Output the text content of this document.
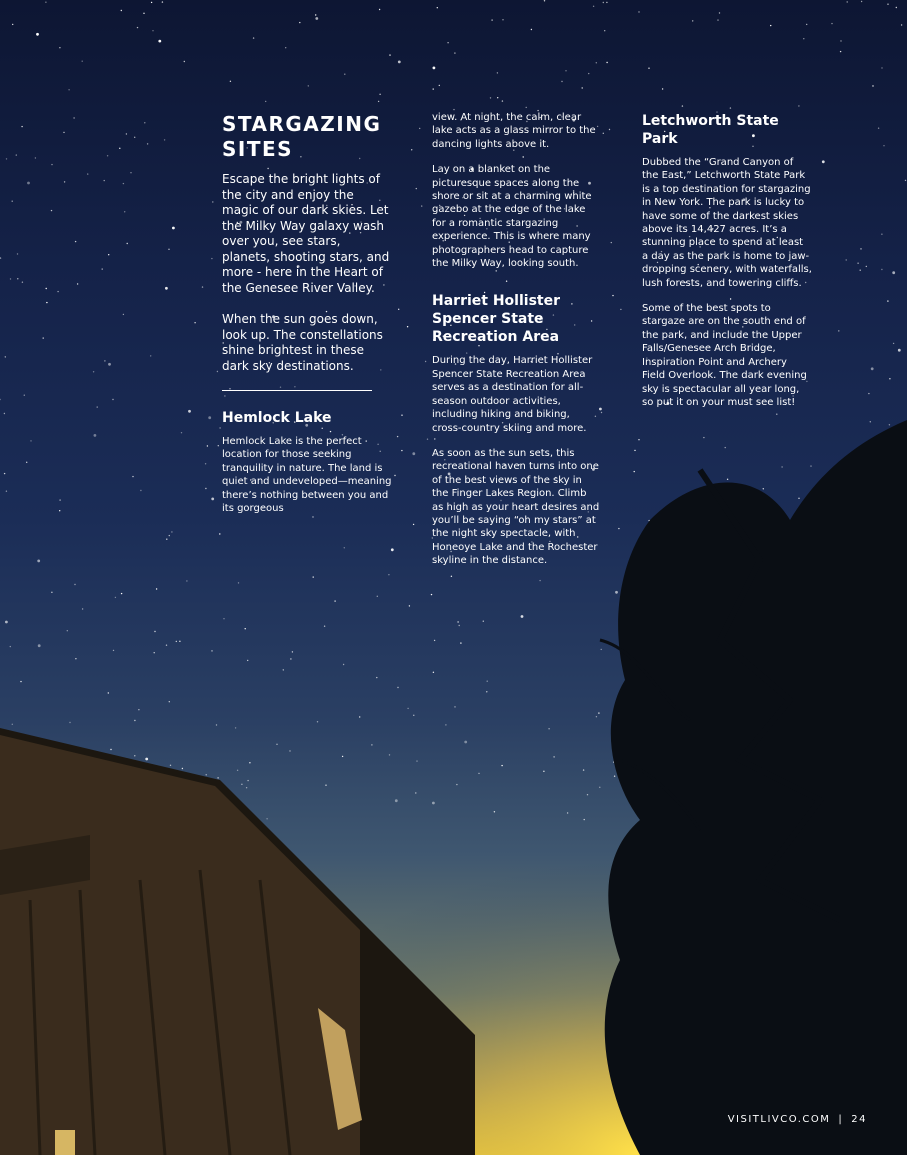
STARGAZING SITES

Escape the bright lights of the city and enjoy the magic of our dark skies. Let the Milky Way galaxy wash over you, see stars, planets, shooting stars, and more - here in the Heart of the Genesee River Valley.

When the sun goes down, look up. The constellations shine brightest in these dark sky destinations.

Hemlock Lake

Hemlock Lake is the perfect location for those seeking tranquility in nature. The land is quiet and undeveloped—meaning there’s nothing between you and its gorgeous

view. At night, the calm, clear lake acts as a glass mirror to the dancing lights above it.

Lay on a blanket on the picturesque spaces along the shore or sit at a charming white gazebo at the edge of the lake for a romantic stargazing experience. This is where many photographers head to capture the Milky Way, looking south.

Harriet Hollister Spencer State Recreation Area

During the day, Harriet Hollister Spencer State Recreation Area serves as a destination for all-season outdoor activities, including hiking and biking, cross-country skiing and more.

As soon as the sun sets, this recreational haven turns into one of the best views of the sky in the Finger Lakes Region. Climb as high as your heart desires and you’ll be saying “oh my stars” at the night sky spectacle, with Honeoye Lake and the Rochester skyline in the distance.

Letchworth State Park

Dubbed the “Grand Canyon of the East,” Letchworth State Park is a top destination for stargazing in New York. The park is lucky to have some of the darkest skies above its 14,427 acres. It’s a stunning place to spend at least a day as the park is home to jaw-dropping scenery, with waterfalls, lush forests, and towering cliffs.

Some of the best spots to stargaze are on the south end of the park, and include the Upper Falls/Genesee Arch Bridge, Inspiration Point and Archery Field Overlook. The dark evening sky is spectacular all year long, so put it on your must see list!

VISITLIVCO.COM | 24
